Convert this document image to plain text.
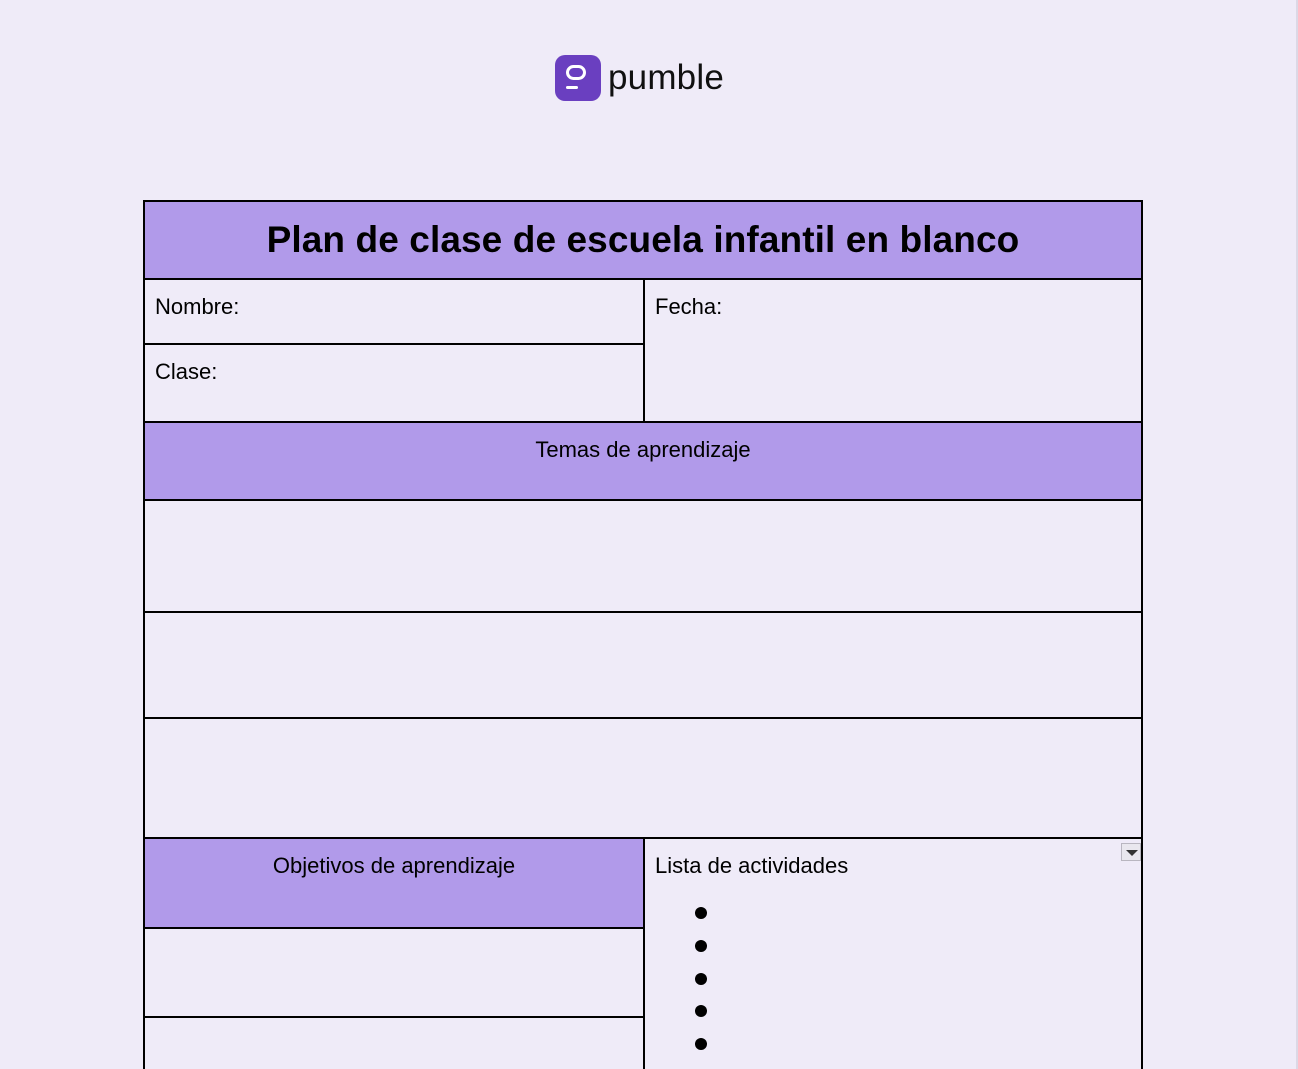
pumble
Plan de clase de escuela infantil en blanco
Nombre:	Fecha:
Clase:
Temas de aprendizaje
Objetivos de aprendizaje	Lista de actividades
